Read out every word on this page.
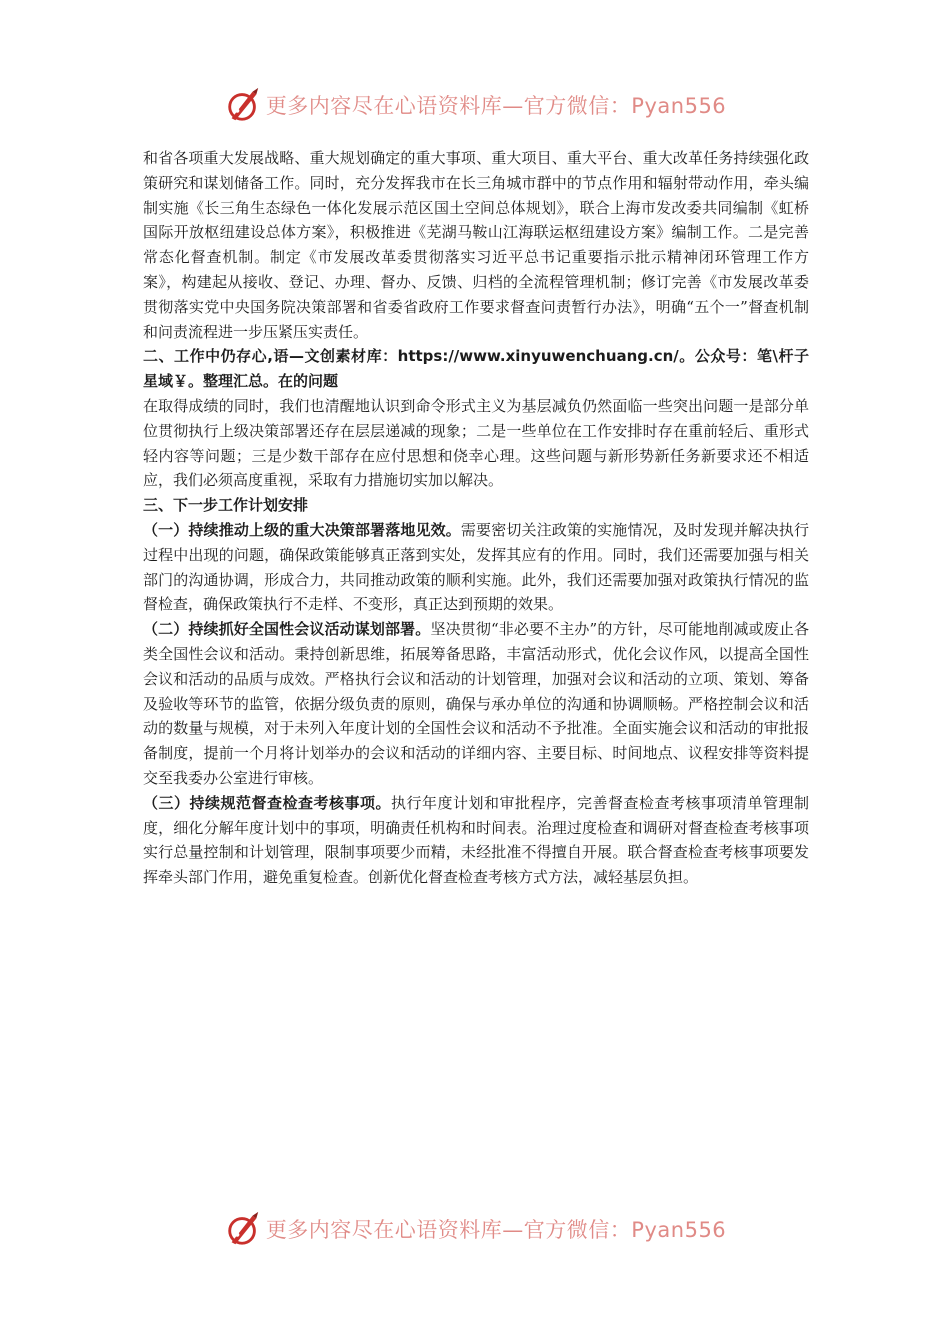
更多内容尽在心语资料库—官方微信：Pyan556

和省各项重大发展战略、重大规划确定的重大事项、重大项目、重大平台、重大改革任务持续强化政策研究和谋划储备工作。同时，充分发挥我市在长三角城市群中的节点作用和辐射带动作用，牵头编制实施《长三角生态绿色一体化发展示范区国土空间总体规划》，联合上海市发改委共同编制《虹桥国际开放枢纽建设总体方案》，积极推进《芜湖马鞍山江海联运枢纽建设方案》编制工作。二是完善常态化督查机制。制定《市发展改革委贯彻落实习近平总书记重要指示批示精神闭环管理工作方案》，构建起从接收、登记、办理、督办、反馈、归档的全流程管理机制；修订完善《市发展改革委贯彻落实党中央国务院决策部署和省委省政府工作要求督查问责暂行办法》，明确“五个一”督查机制和问责流程进一步压紧压实责任。

二、工作中仍存心,语—文创素材库：https://www.xinyuwenchuang.cn/。公众号：笔\杆子星域￥。整理汇总。在的问题

在取得成绩的同时，我们也清醒地认识到命令形式主义为基层减负仍然面临一些突出问题一是部分单位贯彻执行上级决策部署还存在层层递减的现象；二是一些单位在工作安排时存在重前轻后、重形式轻内容等问题；三是少数干部存在应付思想和侥幸心理。这些问题与新形势新任务新要求还不相适应，我们必须高度重视，采取有力措施切实加以解决。

三、下一步工作计划安排

（一）持续推动上级的重大决策部署落地见效。需要密切关注政策的实施情况，及时发现并解决执行过程中出现的问题，确保政策能够真正落到实处，发挥其应有的作用。同时，我们还需要加强与相关部门的沟通协调，形成合力，共同推动政策的顺利实施。此外，我们还需要加强对政策执行情况的监督检查，确保政策执行不走样、不变形，真正达到预期的效果。

（二）持续抓好全国性会议活动谋划部署。坚决贯彻“非必要不主办”的方针，尽可能地削减或废止各类全国性会议和活动。秉持创新思维，拓展筹备思路，丰富活动形式，优化会议作风，以提高全国性会议和活动的品质与成效。严格执行会议和活动的计划管理，加强对会议和活动的立项、策划、筹备及验收等环节的监管，依据分级负责的原则，确保与承办单位的沟通和协调顺畅。严格控制会议和活动的数量与规模，对于未列入年度计划的全国性会议和活动不予批准。全面实施会议和活动的审批报备制度，提前一个月将计划举办的会议和活动的详细内容、主要目标、时间地点、议程安排等资料提交至我委办公室进行审核。

（三）持续规范督查检查考核事项。执行年度计划和审批程序，完善督查检查考核事项清单管理制度，细化分解年度计划中的事项，明确责任机构和时间表。治理过度检查和调研对督查检查考核事项实行总量控制和计划管理，限制事项要少而精，未经批准不得擅自开展。联合督查检查考核事项要发挥牵头部门作用，避免重复检查。创新优化督查检查考核方式方法，减轻基层负担。

更多内容尽在心语资料库—官方微信：Pyan556
